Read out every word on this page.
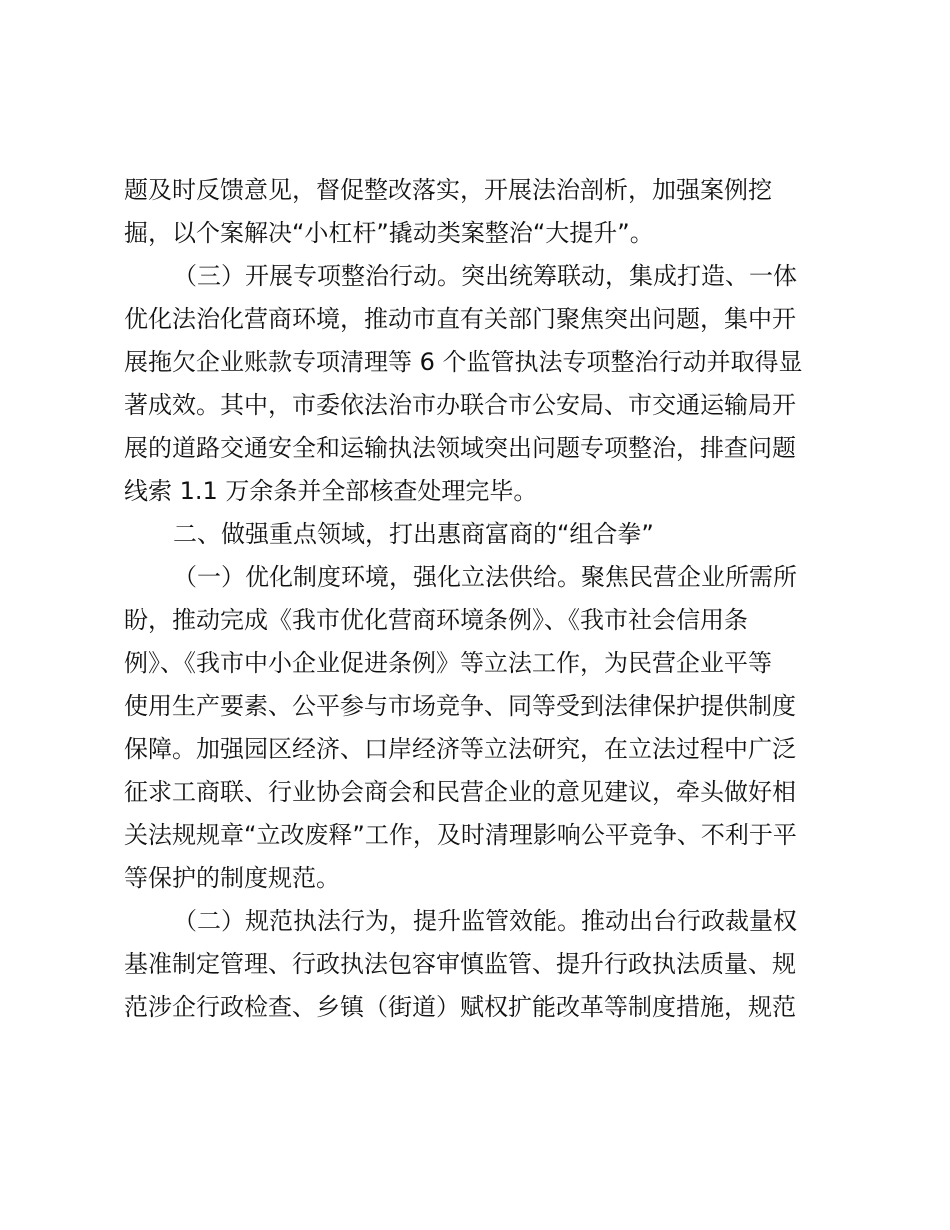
题及时反馈意见，督促整改落实，开展法治剖析，加强案例挖
掘，以个案解决“小杠杆”撬动类案整治“大提升”。
（三）开展专项整治行动。突出统筹联动，集成打造、一体
优化法治化营商环境，推动市直有关部门聚焦突出问题，集中开
展拖欠企业账款专项清理等 6 个监管执法专项整治行动并取得显
著成效。其中，市委依法治市办联合市公安局、市交通运输局开
展的道路交通安全和运输执法领域突出问题专项整治，排查问题
线索 1.1 万余条并全部核查处理完毕。
二、做强重点领域，打出惠商富商的“组合拳”
（一）优化制度环境，强化立法供给。聚焦民营企业所需所
盼，推动完成《我市优化营商环境条例》、《我市社会信用条
例》、《我市中小企业促进条例》等立法工作，为民营企业平等
使用生产要素、公平参与市场竞争、同等受到法律保护提供制度
保障。加强园区经济、口岸经济等立法研究，在立法过程中广泛
征求工商联、行业协会商会和民营企业的意见建议，牵头做好相
关法规规章“立改废释”工作，及时清理影响公平竞争、不利于平
等保护的制度规范。
（二）规范执法行为，提升监管效能。推动出台行政裁量权
基准制定管理、行政执法包容审慎监管、提升行政执法质量、规
范涉企行政检查、乡镇（街道）赋权扩能改革等制度措施，规范
